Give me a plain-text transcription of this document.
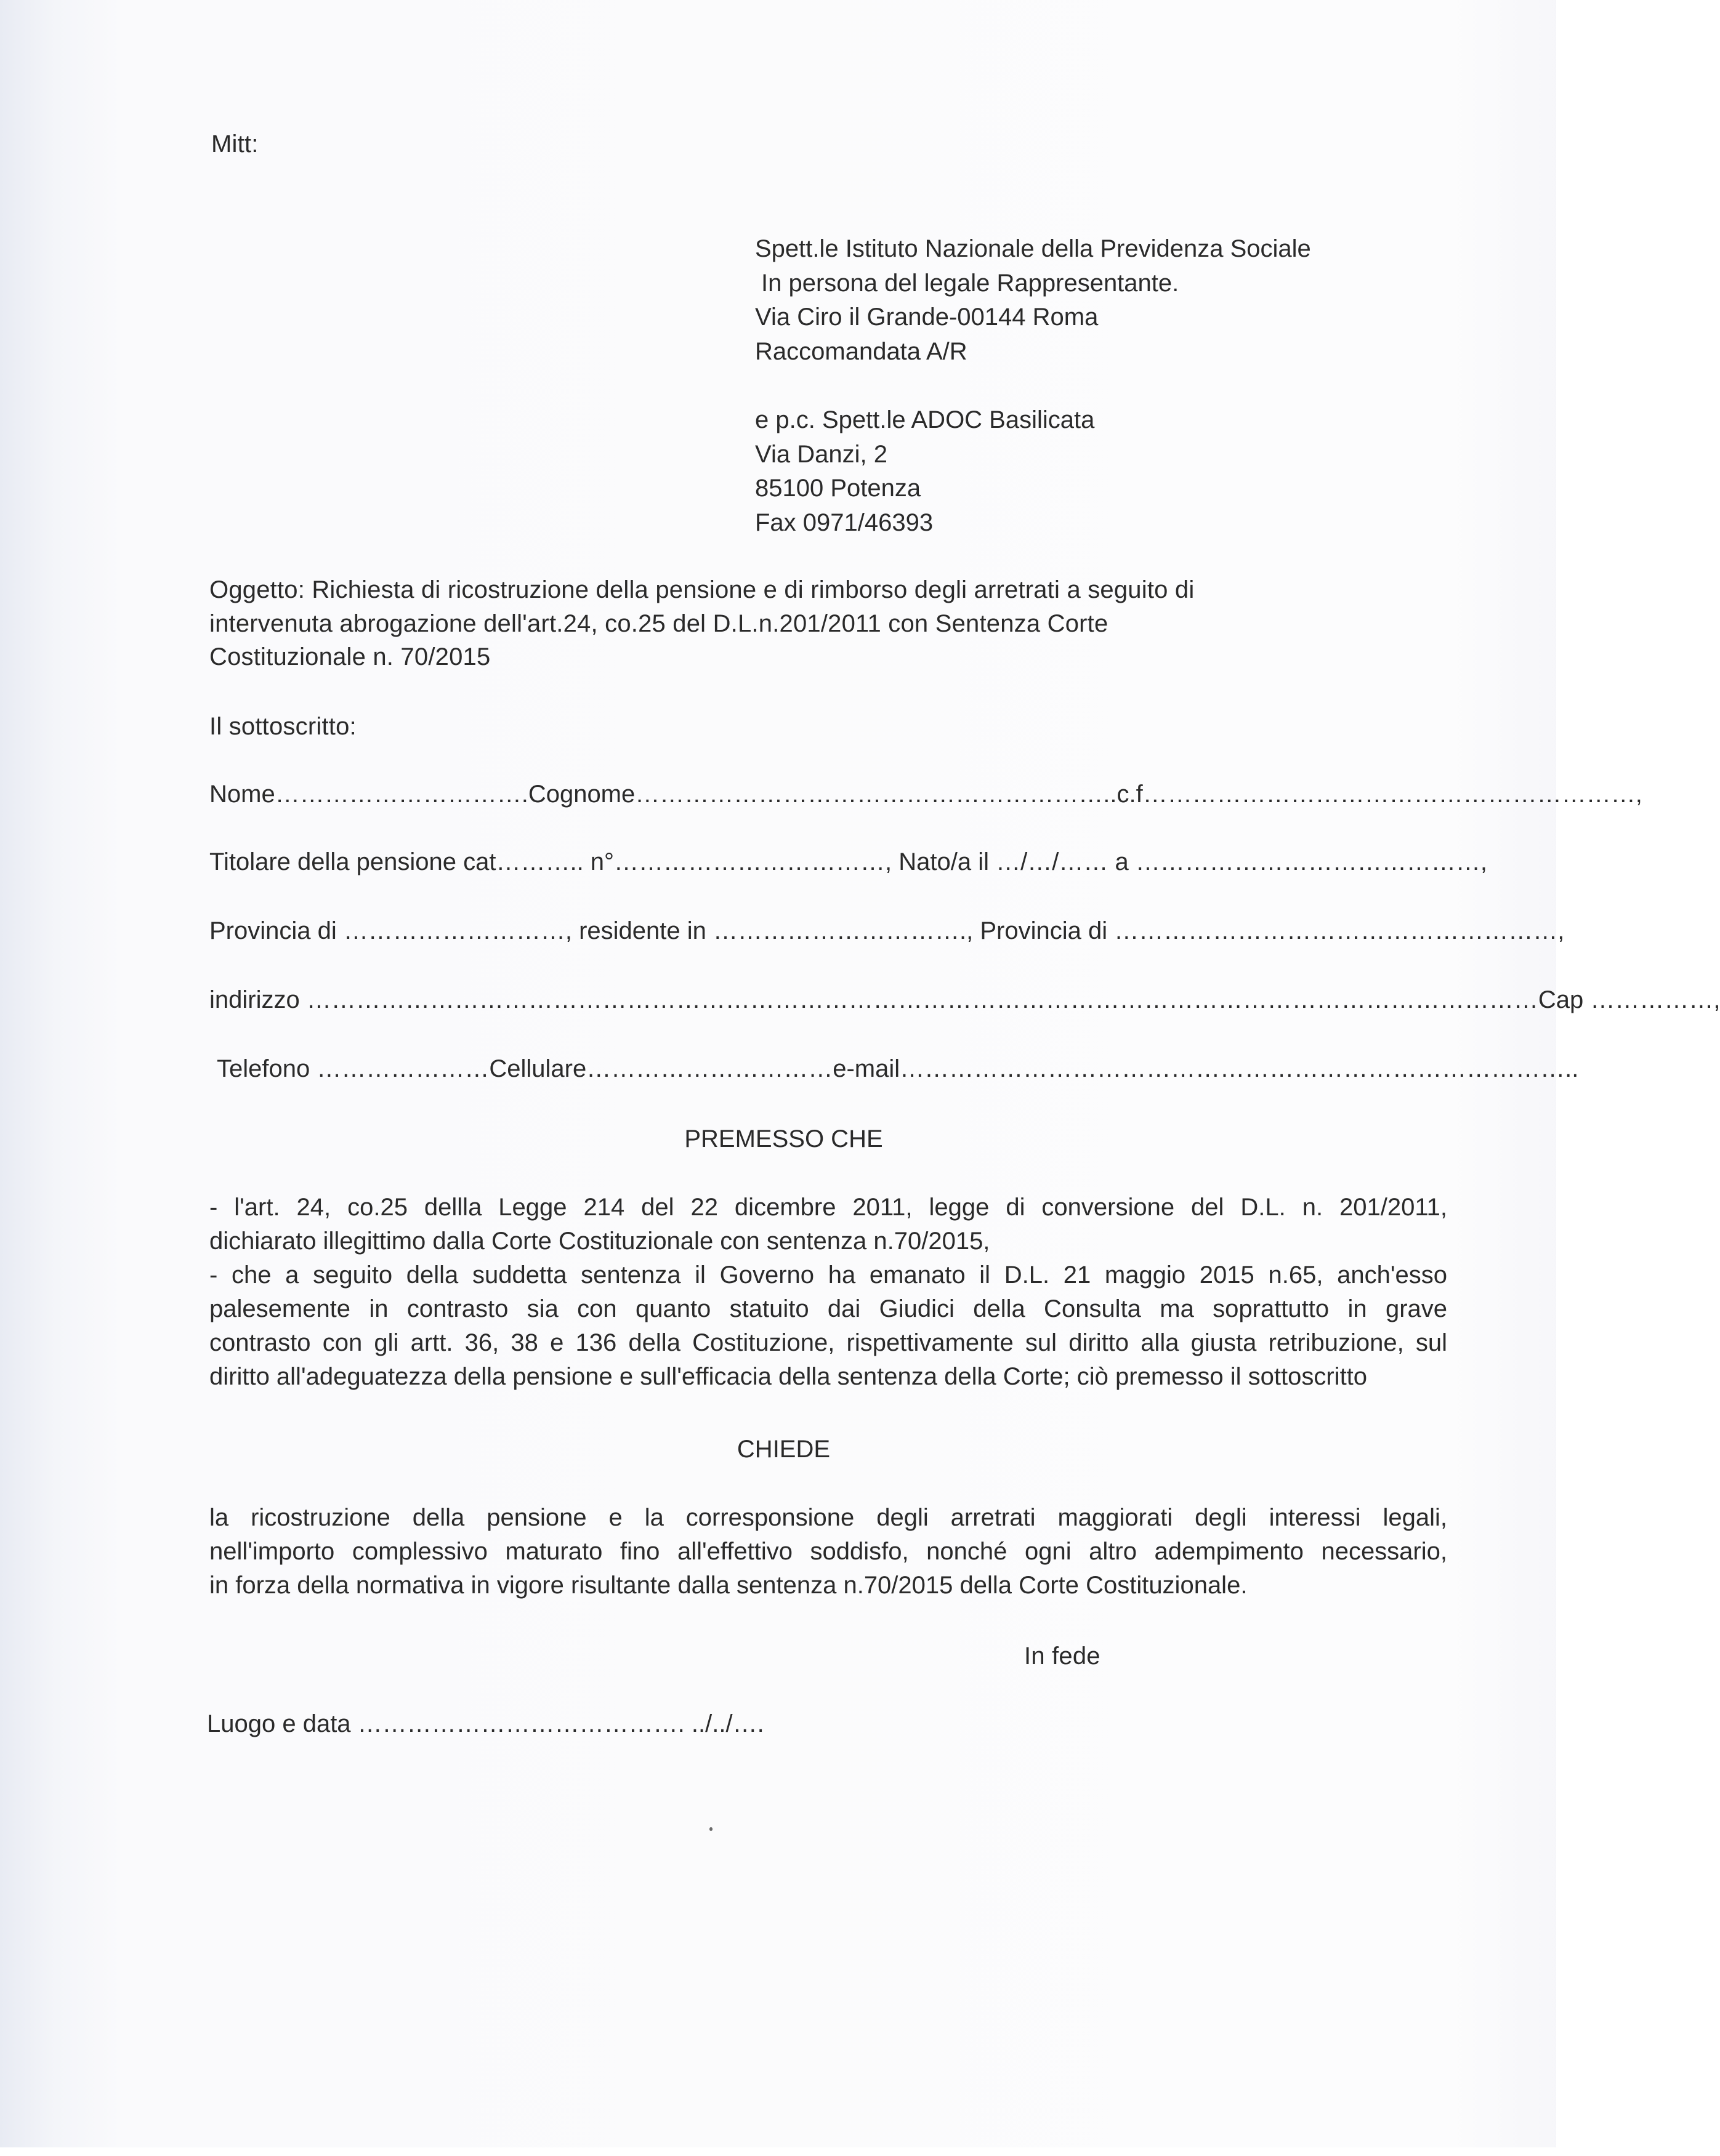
Mitt:
Spett.le Istituto Nazionale della Previdenza Sociale
In persona del legale Rappresentante.
Via Ciro il Grande-00144 Roma
Raccomandata A/R
e p.c. Spett.le ADOC Basilicata
Via Danzi, 2
85100 Potenza
Fax 0971/46393
Oggetto: Richiesta di ricostruzione della pensione e di rimborso degli arretrati a seguito di
intervenuta abrogazione dell'art.24, co.25 del D.L.n.201/2011 con Sentenza Corte
Costituzionale n. 70/2015
Il sottoscritto:
Nome………………………….Cognome…………………………………………………..c.f……………………………………………………,
Titolare della pensione cat……….. n°……………………………, Nato/a il …/…/…… a ……………………………………,
Provincia di ………………………, residente in …………………………., Provincia di ………………………………………………,
indirizzo ……………………………………………………………………………………………………………………………………Cap ……………,
Telefono …………………Cellulare…………………………e-mail………………………………………………………………………..
PREMESSO CHE
- l'art. 24, co.25 dellla Legge 214 del 22 dicembre 2011, legge di conversione del D.L. n. 201/2011,
dichiarato illegittimo dalla Corte Costituzionale con sentenza n.70/2015,
- che a seguito della suddetta sentenza il Governo ha emanato il D.L. 21 maggio 2015 n.65, anch'esso
palesemente in contrasto sia con quanto statuito dai Giudici della Consulta ma soprattutto in grave
contrasto con gli artt. 36, 38 e 136 della Costituzione, rispettivamente sul diritto alla giusta retribuzione, sul
diritto all'adeguatezza della pensione e sull'efficacia della sentenza della Corte; ciò premesso il sottoscritto
CHIEDE
la ricostruzione della pensione e la corresponsione degli arretrati maggiorati degli interessi legali,
nell'importo complessivo maturato fino all'effettivo soddisfo, nonché ogni altro adempimento necessario,
in forza della normativa in vigore risultante dalla sentenza n.70/2015 della Corte Costituzionale.
In fede
Luogo e data …………………………………. ../../….
